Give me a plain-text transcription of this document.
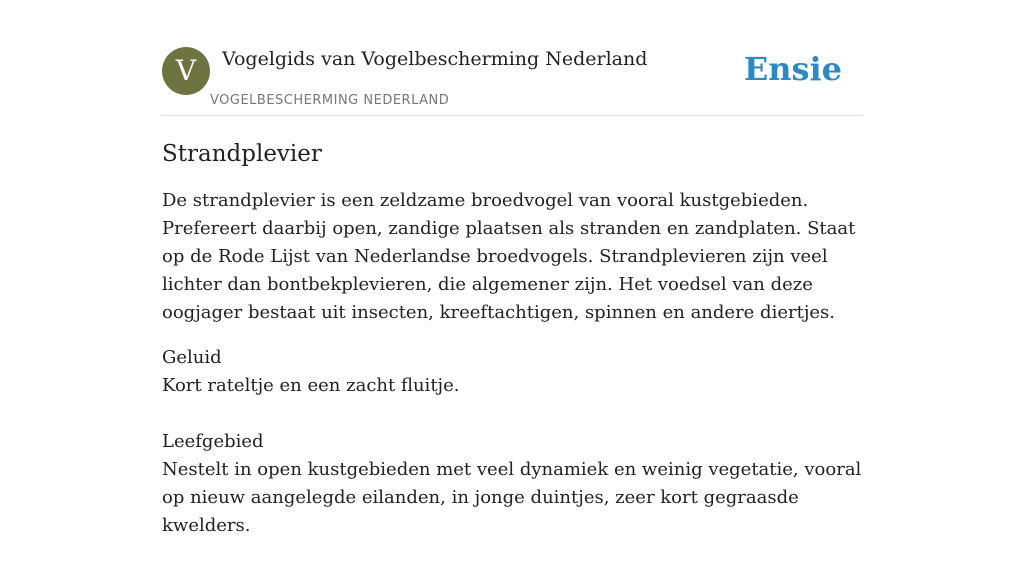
V	Vogelgids van Vogelbescherming Nederland
VOGELBESCHERMING NEDERLAND
Ensie
Strandplevier

De strandplevier is een zeldzame broedvogel van vooral kustgebieden. Prefereert daarbij open, zandige plaatsen als stranden en zandplaten. Staat op de Rode Lijst van Nederlandse broedvogels. Strandplevieren zijn veel lichter dan bontbekplevieren, die algemener zijn. Het voedsel van deze oogjager bestaat uit insecten, kreeftachtigen, spinnen en andere diertjes.

Geluid
Kort rateltje en een zacht fluitje.
Leefgebied
Nestelt in open kustgebieden met veel dynamiek en weinig vegetatie, vooral op nieuw aangelegde eilanden, in jonge duintjes, zeer kort gegraasde kwelders.
